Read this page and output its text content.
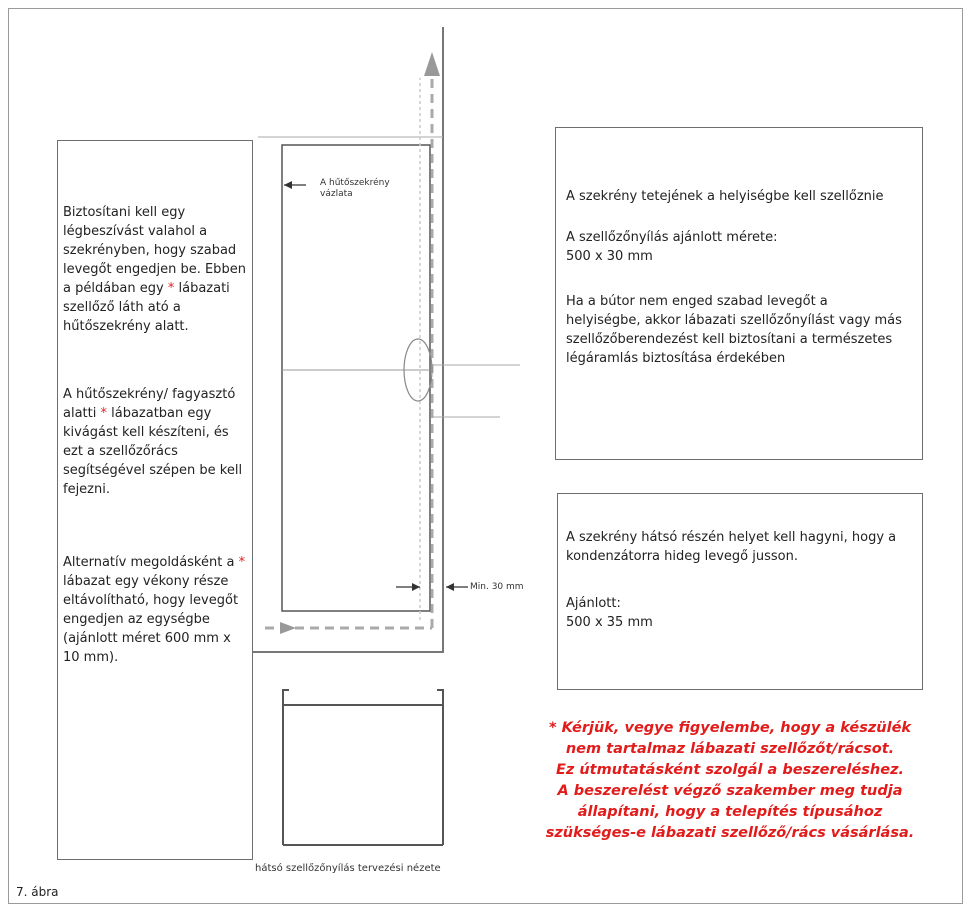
Biztosítani kell egy légbeszívást valahol a szekrényben, hogy szabad levegőt engedjen be. Ebben a példában egy * lábazati szellőző láth ató a hűtőszekrény alatt.
A hűtőszekrény/ fagyasztó alatti * lábazatban egy kivágást kell készíteni, és ezt a szellőzőrács segítségével szépen be kell fejezni.
Alternatív megoldásként a * lábazat egy vékony része eltávolítható, hogy levegőt engedjen az egységbe (ajánlott méret 600 mm x 10 mm).
A hűtőszekrény vázlata
Min. 30 mm
A szekrény tetejének a helyiségbe kell szellőznie
A szellőzőnyílás ajánlott mérete:
500 x 30 mm
Ha a bútor nem enged szabad levegőt a helyiségbe, akkor lábazati szellőzőnyílást vagy más szellőzőberendezést kell biztosítani a természetes légáramlás biztosítása érdekében
A szekrény hátsó részén helyet kell hagyni, hogy a kondenzátorra hideg levegő jusson.
Ajánlott:
500 x 35 mm
* Kérjük, vegye figyelembe, hogy a készülék
nem tartalmaz lábazati szellőzőt/rácsot.
Ez útmutatásként szolgál a beszereléshez.
A beszerelést végző szakember meg tudja
állapítani, hogy a telepítés típusához
szükséges-e lábazati szellőző/rács vásárlása.
hátsó szellőzőnyílás tervezési nézete
7. ábra
